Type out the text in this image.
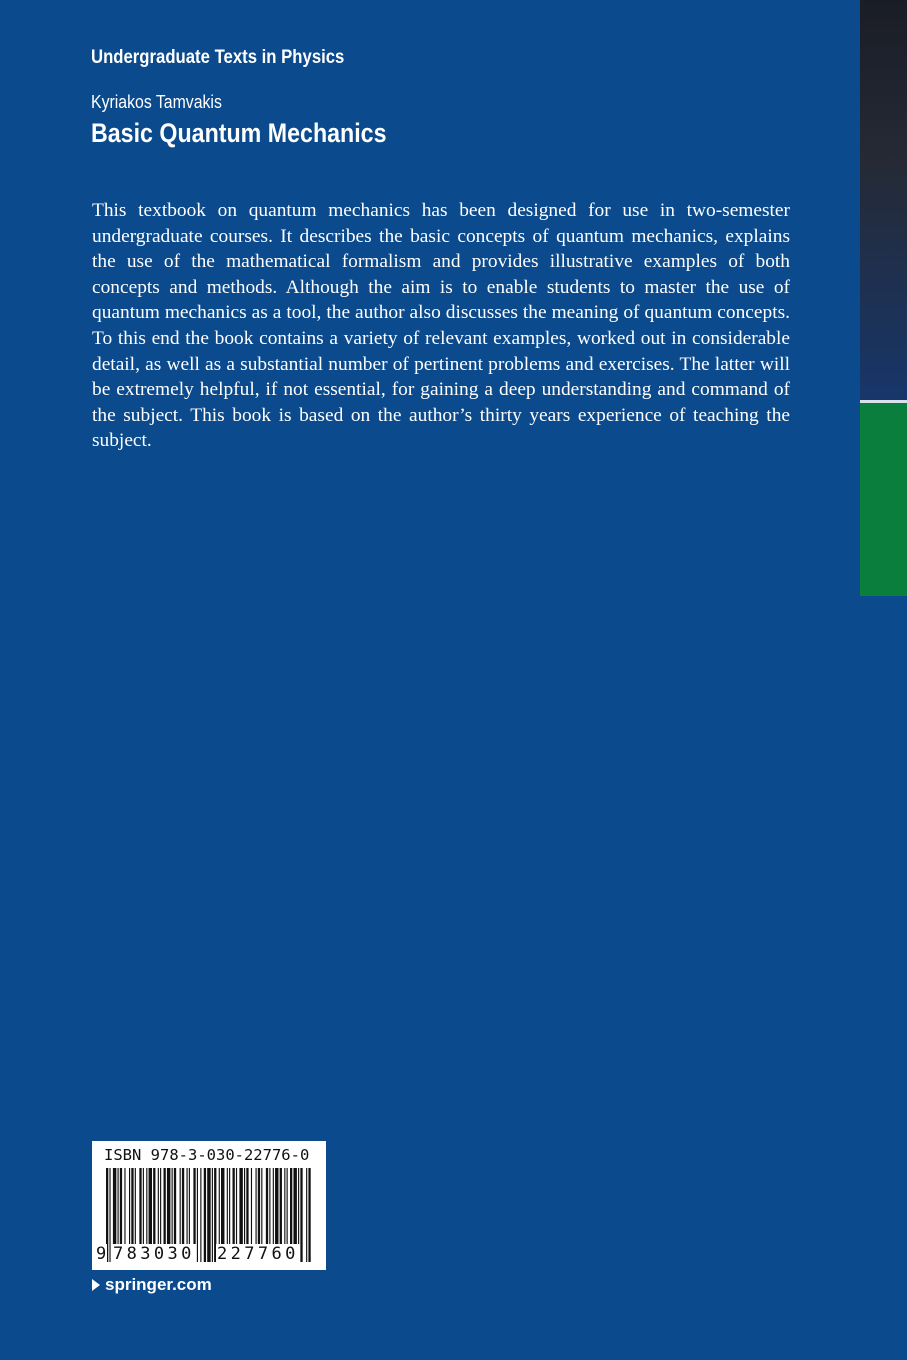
Undergraduate Texts in Physics
Kyriakos Tamvakis
Basic Quantum Mechanics

This textbook on quantum mechanics has been designed for use in two-semester undergraduate courses. It describes the basic concepts of quantum mechanics, explains the use of the mathematical formalism and provides illustrative examples of both concepts and methods. Although the aim is to enable students to master the use of quantum mechanics as a tool, the author also discusses the meaning of quantum concepts. To this end the book contains a variety of relevant examples, worked out in considerable detail, as well as a substantial number of pertinent problems and exercises. The latter will be extremely helpful, if not essential, for gaining a deep understanding and command of the subject. This book is based on the author’s thirty years experience of teaching the subject.

ISBN 978-3-030-22776-0
9 783030 227760
springer.com
